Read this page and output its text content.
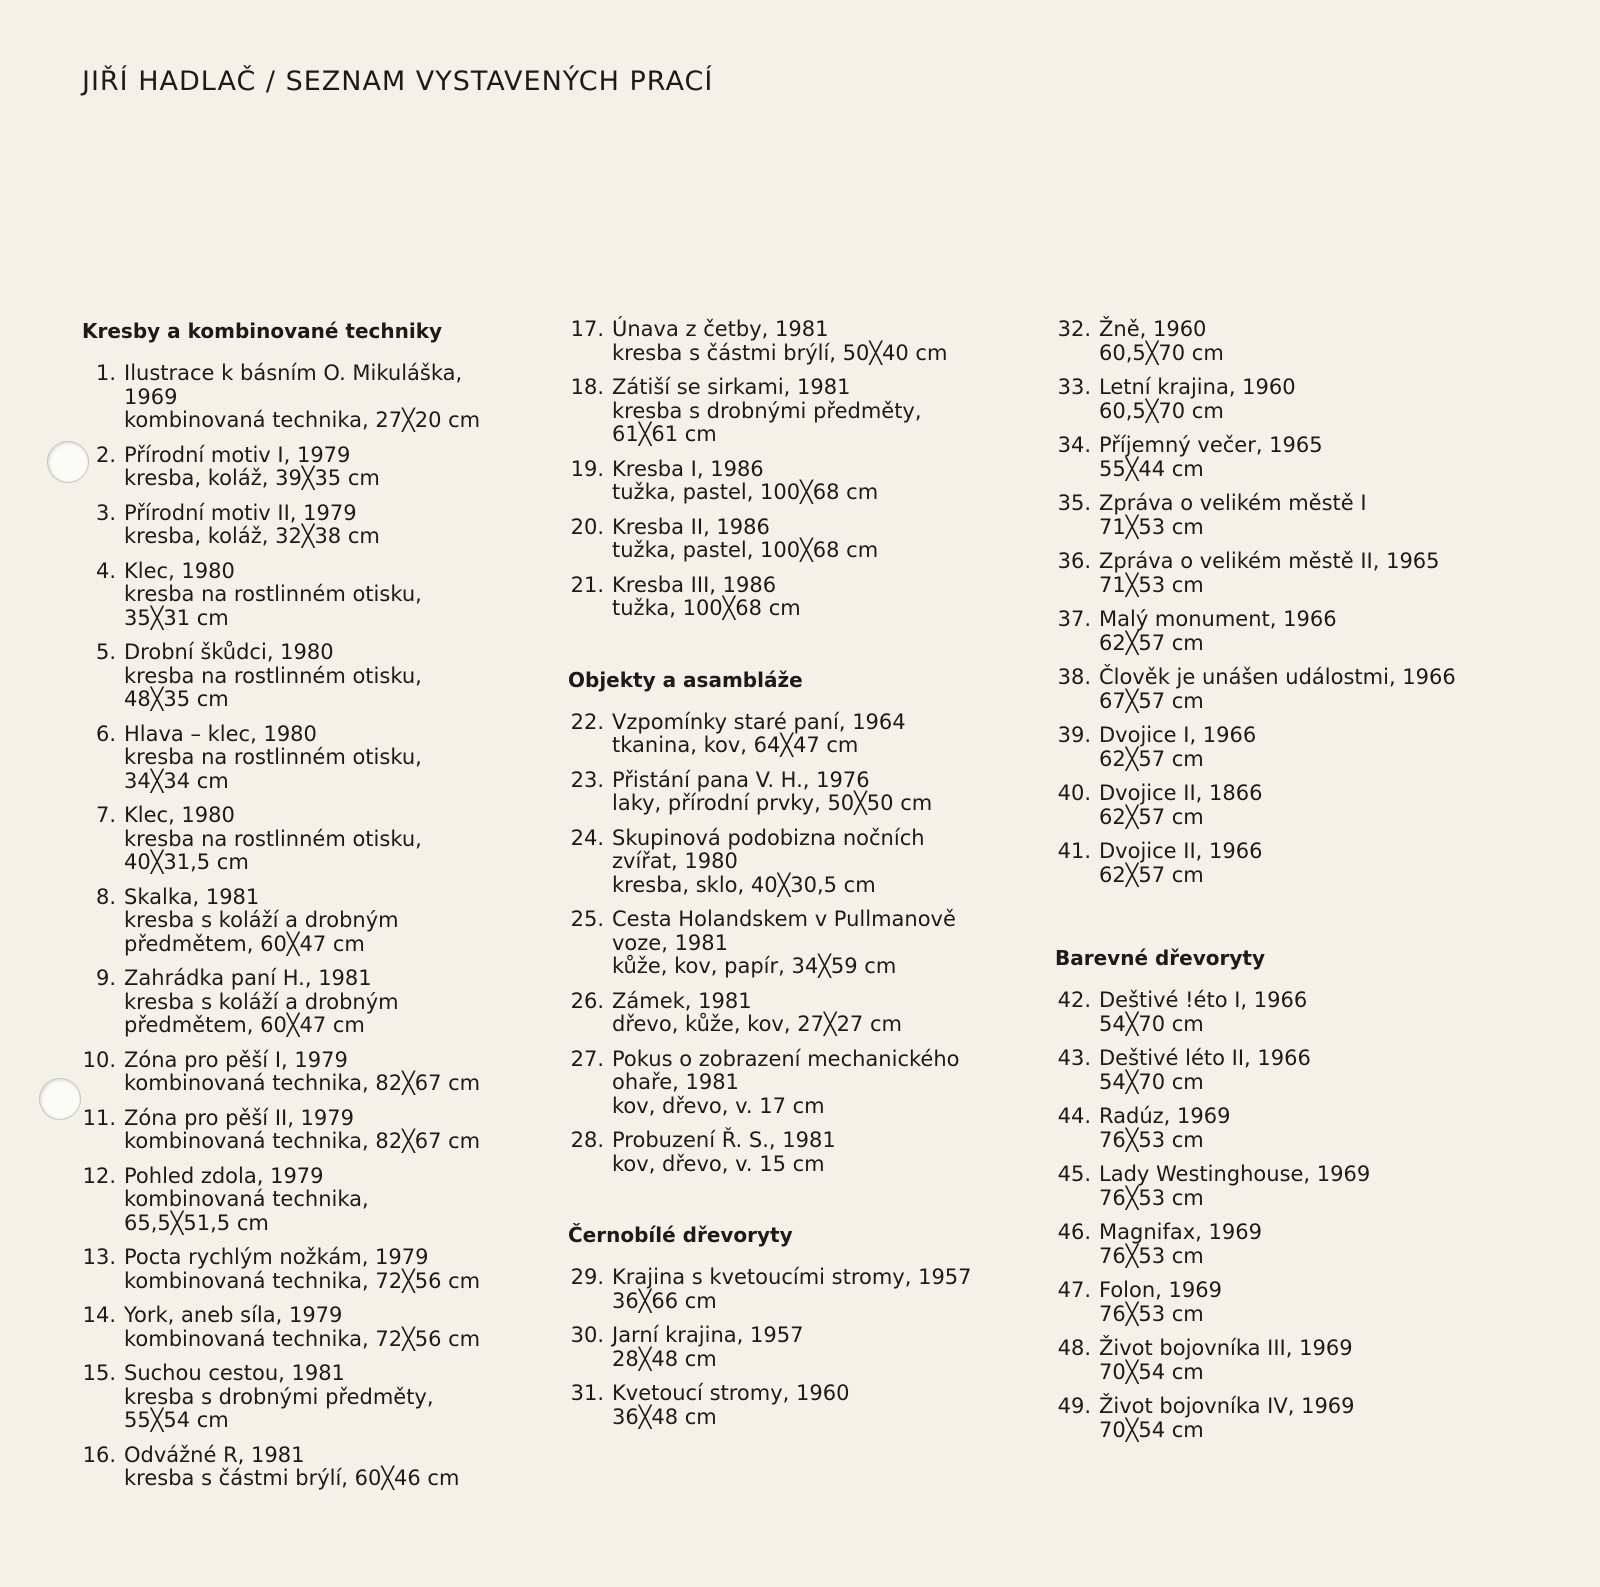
JIŘÍ HADLAČ / SEZNAM VYSTAVENÝCH PRACÍ
Kresby a kombinované techniky
1. Ilustrace k básním O. Mikuláška,
1969
kombinovaná technika, 27╳20 cm
2. Přírodní motiv I, 1979
kresba, koláž, 39╳35 cm
3. Přírodní motiv II, 1979
kresba, koláž, 32╳38 cm
4. Klec, 1980
kresba na rostlinném otisku,
35╳31 cm
5. Drobní škůdci, 1980
kresba na rostlinném otisku,
48╳35 cm
6. Hlava – klec, 1980
kresba na rostlinném otisku,
34╳34 cm
7. Klec, 1980
kresba na rostlinném otisku,
40╳31,5 cm
8. Skalka, 1981
kresba s koláží a drobným
předmětem, 60╳47 cm
9. Zahrádka paní H., 1981
kresba s koláží a drobným
předmětem, 60╳47 cm
10. Zóna pro pěší I, 1979
kombinovaná technika, 82╳67 cm
11. Zóna pro pěší II, 1979
kombinovaná technika, 82╳67 cm
12. Pohled zdola, 1979
kombinovaná technika,
65,5╳51,5 cm
13. Pocta rychlým nožkám, 1979
kombinovaná technika, 72╳56 cm
14. York, aneb síla, 1979
kombinovaná technika, 72╳56 cm
15. Suchou cestou, 1981
kresba s drobnými předměty,
55╳54 cm
16. Odvážné R, 1981
kresba s částmi brýlí, 60╳46 cm
17. Únava z četby, 1981
kresba s částmi brýlí, 50╳40 cm
18. Zátiší se sirkami, 1981
kresba s drobnými předměty,
61╳61 cm
19. Kresba I, 1986
tužka, pastel, 100╳68 cm
20. Kresba II, 1986
tužka, pastel, 100╳68 cm
21. Kresba III, 1986
tužka, 100╳68 cm
Objekty a asambláže
22. Vzpomínky staré paní, 1964
tkanina, kov, 64╳47 cm
23. Přistání pana V. H., 1976
laky, přírodní prvky, 50╳50 cm
24. Skupinová podobizna nočních
zvířat, 1980
kresba, sklo, 40╳30,5 cm
25. Cesta Holandskem v Pullmanově
voze, 1981
kůže, kov, papír, 34╳59 cm
26. Zámek, 1981
dřevo, kůže, kov, 27╳27 cm
27. Pokus o zobrazení mechanického
ohaře, 1981
kov, dřevo, v. 17 cm
28. Probuzení Ř. S., 1981
kov, dřevo, v. 15 cm
Černobílé dřevoryty
29. Krajina s kvetoucími stromy, 1957
36╳66 cm
30. Jarní krajina, 1957
28╳48 cm
31. Kvetoucí stromy, 1960
36╳48 cm
32. Žně, 1960
60,5╳70 cm
33. Letní krajina, 1960
60,5╳70 cm
34. Příjemný večer, 1965
55╳44 cm
35. Zpráva o velikém městě I
71╳53 cm
36. Zpráva o velikém městě II, 1965
71╳53 cm
37. Malý monument, 1966
62╳57 cm
38. Člověk je unášen událostmi, 1966
67╳57 cm
39. Dvojice I, 1966
62╳57 cm
40. Dvojice II, 1866
62╳57 cm
41. Dvojice II, 1966
62╳57 cm
Barevné dřevoryty
42. Deštivé !éto I, 1966
54╳70 cm
43. Deštivé léto II, 1966
54╳70 cm
44. Radúz, 1969
76╳53 cm
45. Lady Westinghouse, 1969
76╳53 cm
46. Magnifax, 1969
76╳53 cm
47. Folon, 1969
76╳53 cm
48. Život bojovníka III, 1969
70╳54 cm
49. Život bojovníka IV, 1969
70╳54 cm
